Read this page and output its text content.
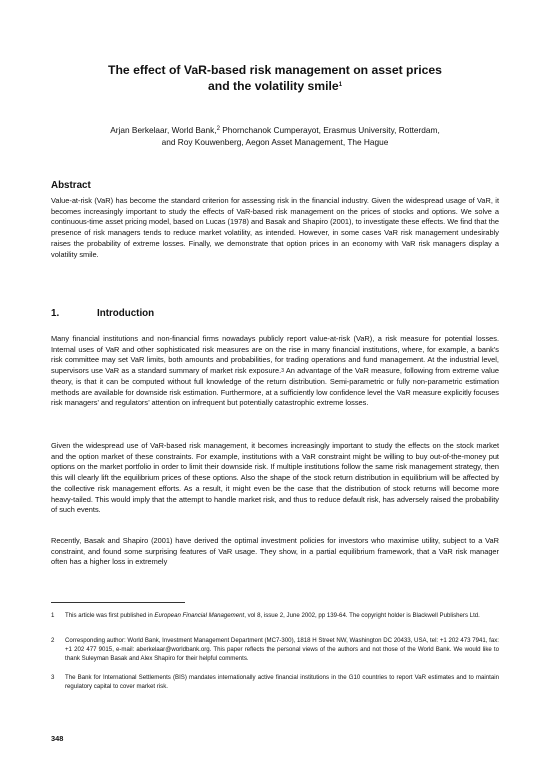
The effect of VaR-based risk management on asset prices
and the volatility smile$^1$
Arjan Berkelaar, World Bank,$^2$ Phornchanok Cumperayot, Erasmus University, Rotterdam,
and Roy Kouwenberg, Aegon Asset Management, The Hague
Abstract

Value-at-risk (VaR) has become the standard criterion for assessing risk in the financial industry. Given the widespread usage of VaR, it becomes increasingly important to study the effects of VaR-based risk management on the prices of stocks and options. We solve a continuous-time asset pricing model, based on Lucas (1978) and Basak and Shapiro (2001), to investigate these effects. We find that the presence of risk managers tends to reduce market volatility, as intended. However, in some cases VaR risk management undesirably raises the probability of extreme losses. Finally, we demonstrate that option prices in an economy with VaR risk managers display a volatility smile.

1.	Introduction

Many financial institutions and non-financial firms nowadays publicly report value-at-risk (VaR), a risk measure for potential losses. Internal uses of VaR and other sophisticated risk measures are on the rise in many financial institutions, where, for example, a bank’s risk committee may set VaR limits, both amounts and probabilities, for trading operations and fund management. At the industrial level, supervisors use VaR as a standard summary of market risk exposure.$^3$ An advantage of the VaR measure, following from extreme value theory, is that it can be computed without full knowledge of the return distribution. Semi-parametric or fully non-parametric estimation methods are available for downside risk estimation. Furthermore, at a sufficiently low confidence level the VaR measure explicitly focuses risk managers’ and regulators’ attention on infrequent but potentially catastrophic extreme losses.

Given the widespread use of VaR-based risk management, it becomes increasingly important to study the effects on the stock market and the option market of these constraints. For example, institutions with a VaR constraint might be willing to buy out-of-the-money put options on the market portfolio in order to limit their downside risk. If multiple institutions follow the same risk management strategy, then this will clearly lift the equilibrium prices of these options. Also the shape of the stock return distribution in equilibrium will be affected by the collective risk management efforts. As a result, it might even be the case that the distribution of stock returns will become more heavy-tailed. This would imply that the attempt to handle market risk, and thus to reduce default risk, has adversely raised the probability of such events.

Recently, Basak and Shapiro (2001) have derived the optimal investment policies for investors who maximise utility, subject to a VaR constraint, and found some surprising features of VaR usage. They show, in a partial equilibrium framework, that a VaR risk manager often has a higher loss in extremely

1	This article was first published in European Financial Management, vol 8, issue 2, June 2002, pp 139-64. The copyright holder is Blackwell Publishers Ltd.
2	Corresponding author: World Bank, Investment Management Department (MC7-300), 1818 H Street NW, Washington DC 20433, USA, tel: +1 202 473 7941, fax: +1 202 477 9015, e-mail: aberkelaar@worldbank.org. This paper reflects the personal views of the authors and not those of the World Bank. We would like to thank Suleyman Basak and Alex Shapiro for their helpful comments.
3	The Bank for International Settlements (BIS) mandates internationally active financial institutions in the G10 countries to report VaR estimates and to maintain regulatory capital to cover market risk.
348
